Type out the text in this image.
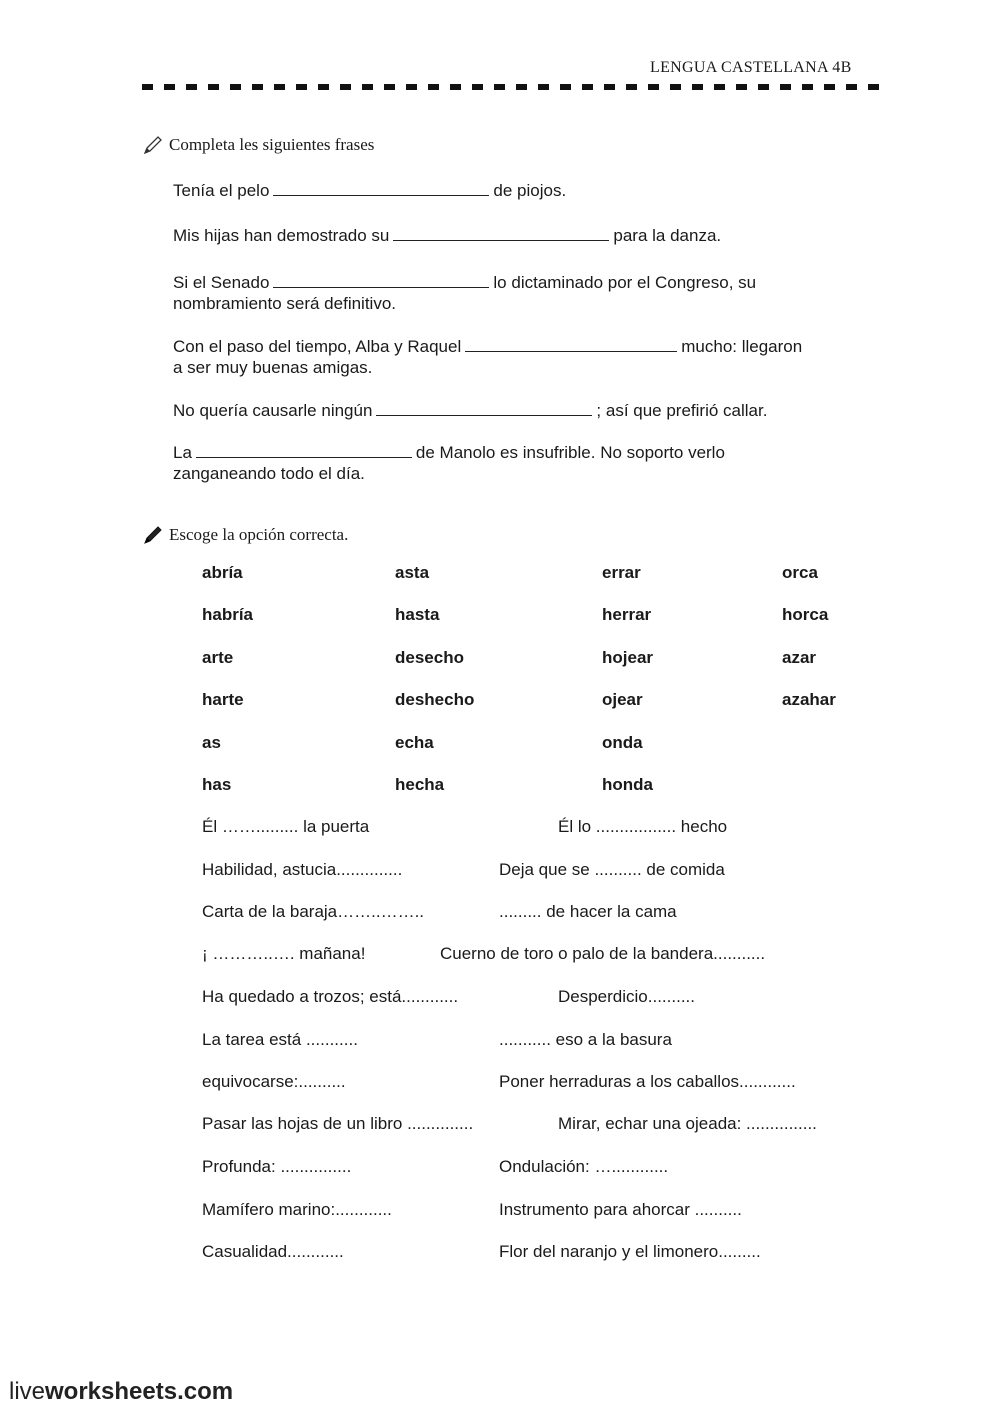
LENGUA CASTELLANA 4B
Completa les siguientes frases
Tenía el pelo	de piojos.
Mis hijas han demostrado su	para la danza.
Si el Senado	lo dictaminado por el Congreso, su
nombramiento será definitivo.
Con el paso del tiempo, Alba y Raquel	mucho: llegaron
a ser muy buenas amigas.
No quería causarle ningún	; así que prefirió callar.
La	de Manolo es insufrible. No soporto verlo
zanganeando todo el día.
Escoge la opción correcta.
abría	asta	errar	orca
habría	hasta	herrar	horca
arte	desecho	hojear	azar
harte	deshecho	ojear	azahar
as	echa	onda
has	hecha	honda
Él ……......... la puerta	Él lo ................. hecho
Habilidad, astucia..............	Deja que se .......... de comida
Carta de la baraja……..……..	......... de hacer la cama
¡ ………..…. mañana!	Cuerno de toro o palo de la bandera...........
Ha quedado a trozos; está............	Desperdicio..........
La tarea está ...........	........... eso a la basura
equivocarse:..........	Poner herraduras a los caballos............
Pasar las hojas de un libro ..............	Mirar, echar una ojeada: ...............
Profunda: ...............	Ondulación: …............
Mamífero marino:............	Instrumento para ahorcar ..........
Casualidad............	Flor del naranjo y el limonero.........
liveworksheets.com
